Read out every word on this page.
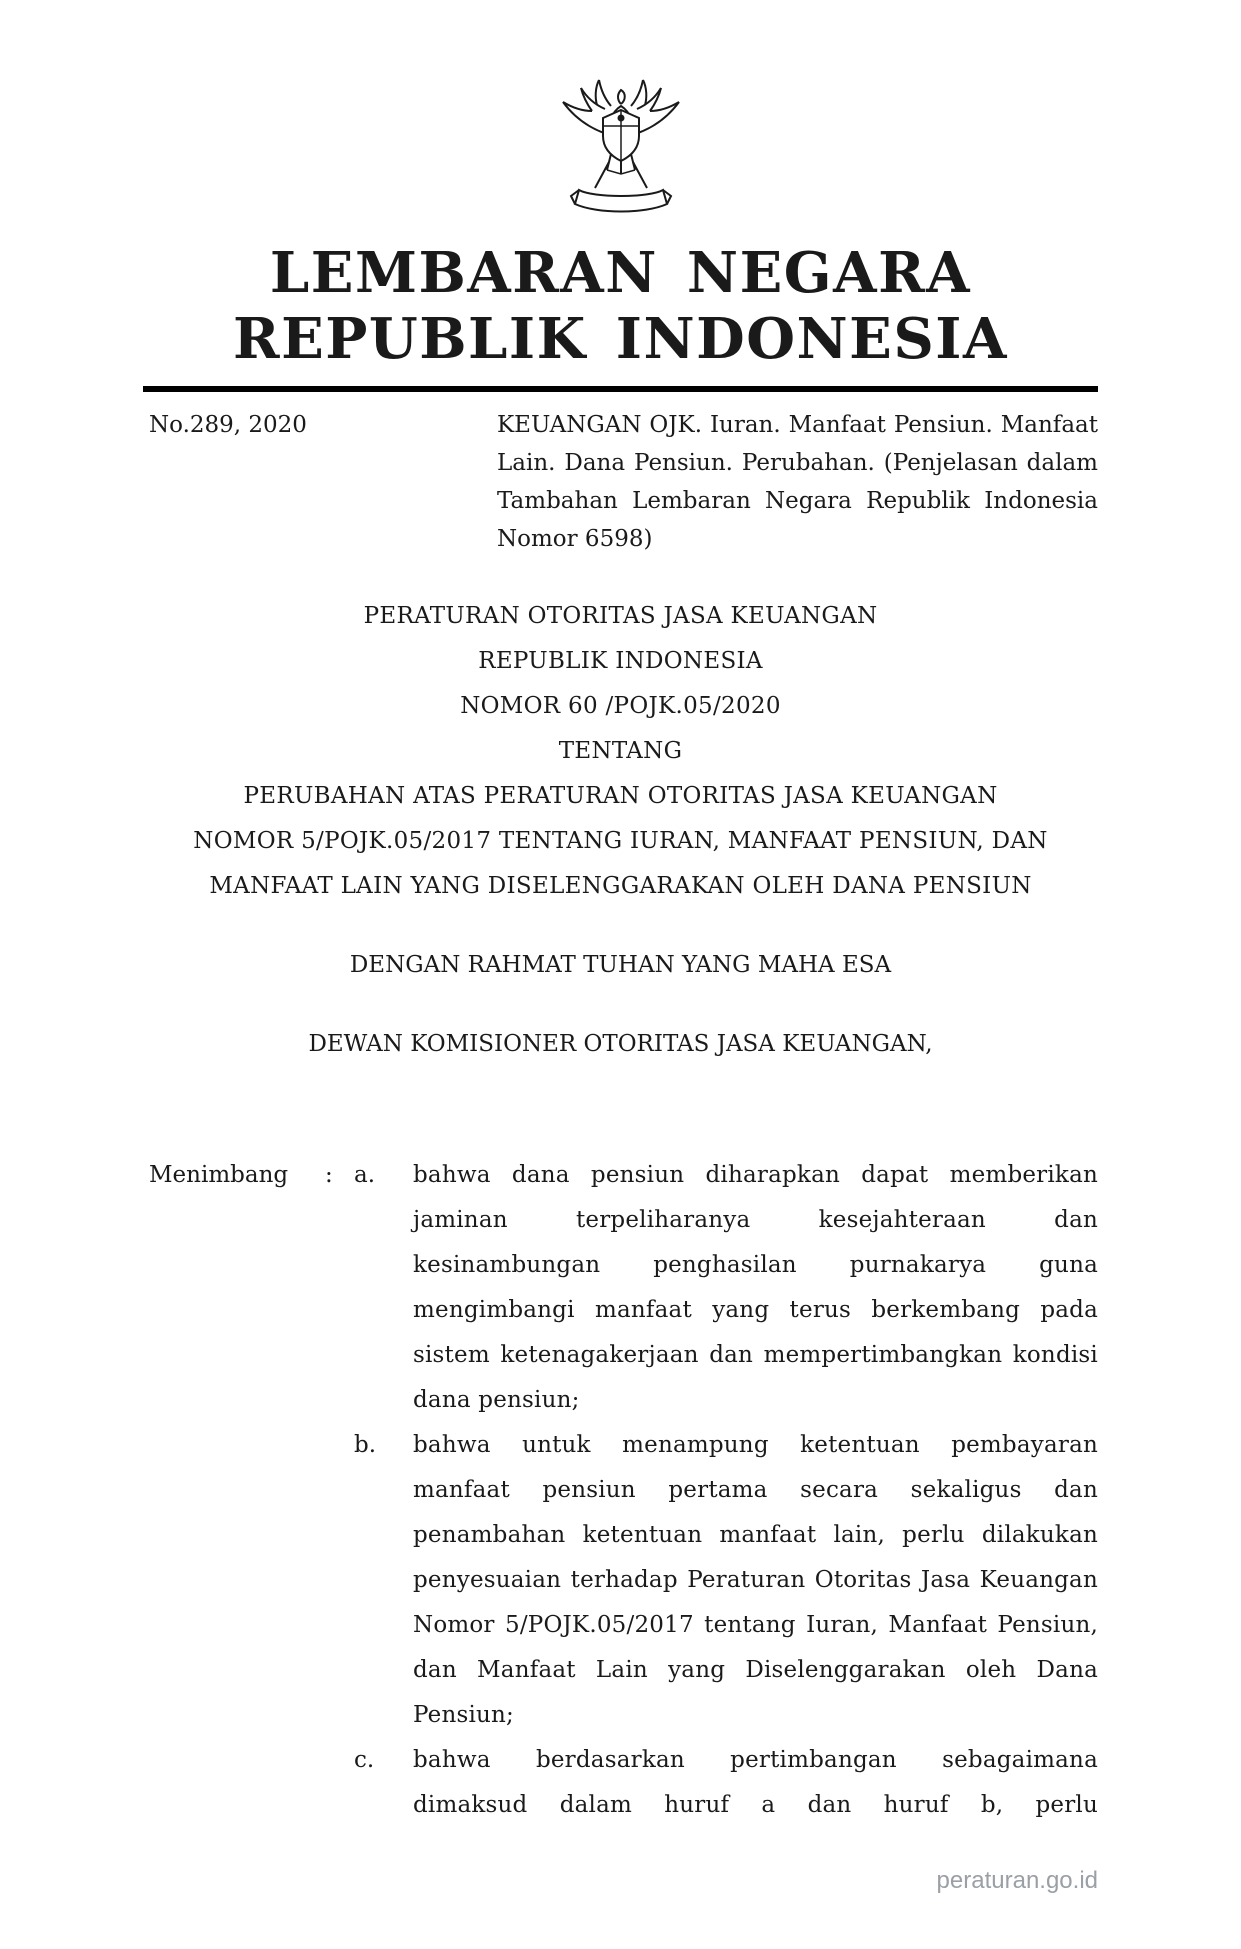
LEMBARAN NEGARA
REPUBLIK INDONESIA
No.289, 2020	KEUANGAN OJK. Iuran. Manfaat Pensiun. Manfaat Lain. Dana Pensiun. Perubahan. (Penjelasan dalam Tambahan Lembaran Negara Republik Indonesia Nomor 6598)
PERATURAN OTORITAS JASA KEUANGAN
REPUBLIK INDONESIA
NOMOR 60 /POJK.05/2020
TENTANG
PERUBAHAN ATAS PERATURAN OTORITAS JASA KEUANGAN
NOMOR 5/POJK.05/2017 TENTANG IURAN, MANFAAT PENSIUN, DAN
MANFAAT LAIN YANG DISELENGGARAKAN OLEH DANA PENSIUN
DENGAN RAHMAT TUHAN YANG MAHA ESA
DEWAN KOMISIONER OTORITAS JASA KEUANGAN,
Menimbang	: a.	bahwa dana pensiun diharapkan dapat memberikan jaminan terpeliharanya kesejahteraan dan kesinambungan penghasilan purnakarya guna mengimbangi manfaat yang terus berkembang pada sistem ketenagakerjaan dan mempertimbangkan kondisi dana pensiun;
b.	bahwa untuk menampung ketentuan pembayaran manfaat pensiun pertama secara sekaligus dan penambahan ketentuan manfaat lain, perlu dilakukan penyesuaian terhadap Peraturan Otoritas Jasa Keuangan Nomor 5/POJK.05/2017 tentang Iuran, Manfaat Pensiun, dan Manfaat Lain yang Diselenggarakan oleh Dana Pensiun;
c.	bahwa berdasarkan pertimbangan sebagaimana dimaksud dalam huruf a dan huruf b, perlu
peraturan.go.id
